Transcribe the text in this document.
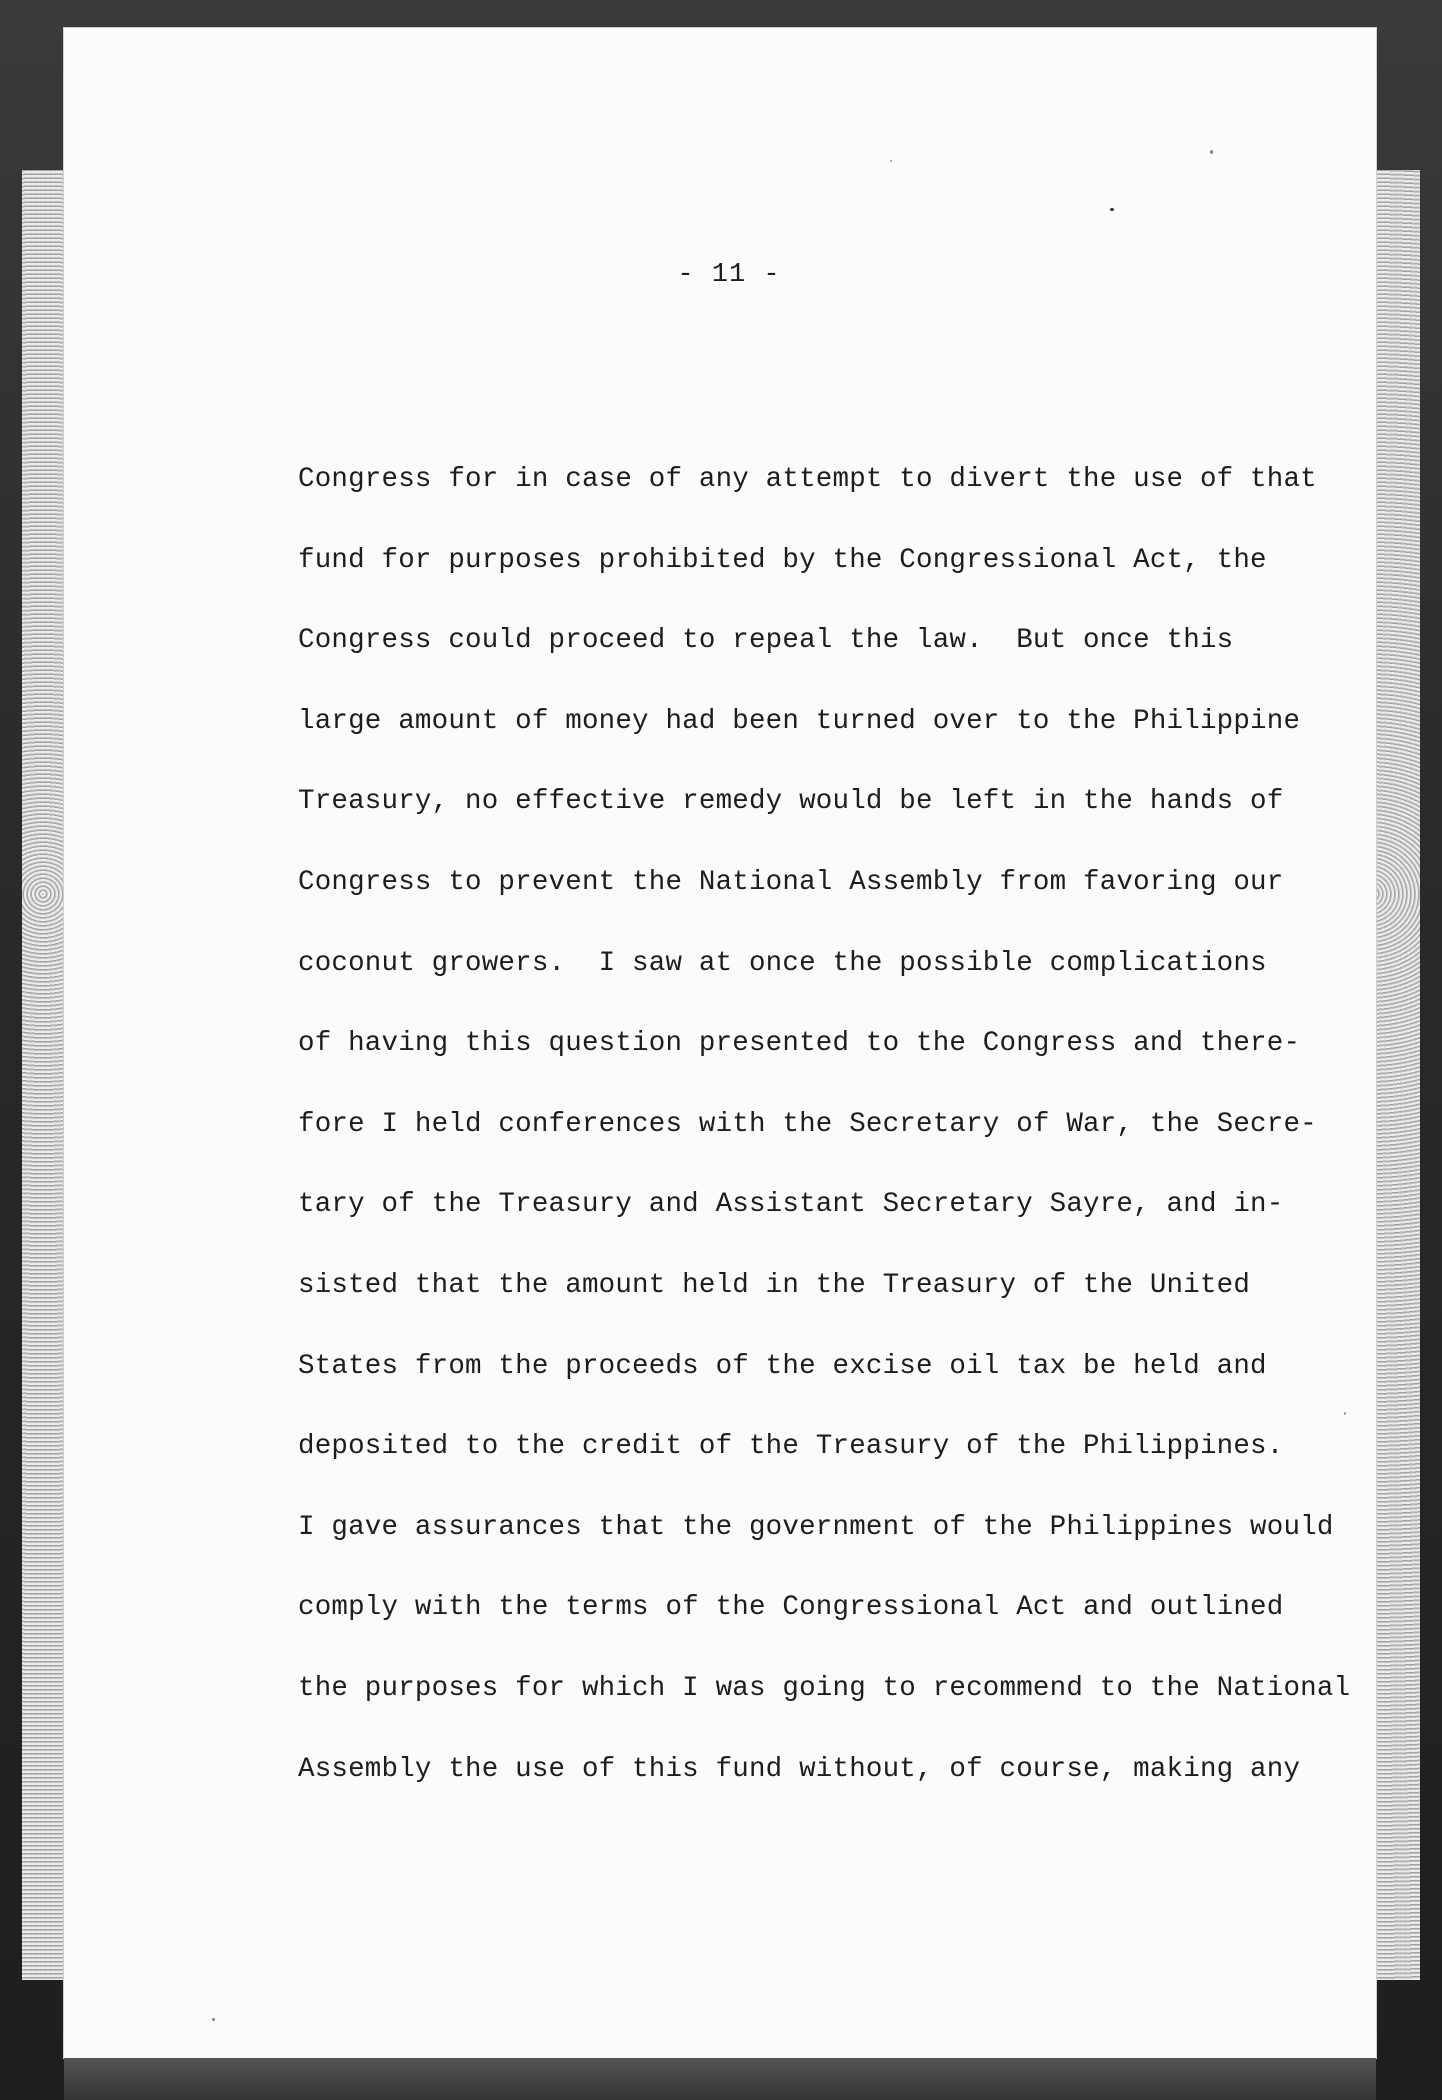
- 11 -
Congress for in case of any attempt to divert the use of that
fund for purposes prohibited by the Congressional Act, the
Congress could proceed to repeal the law.  But once this
large amount of money had been turned over to the Philippine
Treasury, no effective remedy would be left in the hands of
Congress to prevent the National Assembly from favoring our
coconut growers.  I saw at once the possible complications
of having this question presented to the Congress and there-
fore I held conferences with the Secretary of War, the Secre-
tary of the Treasury and Assistant Secretary Sayre, and in-
sisted that the amount held in the Treasury of the United
States from the proceeds of the excise oil tax be held and
deposited to the credit of the Treasury of the Philippines.
I gave assurances that the government of the Philippines would
comply with the terms of the Congressional Act and outlined
the purposes for which I was going to recommend to the National
Assembly the use of this fund without, of course, making any
